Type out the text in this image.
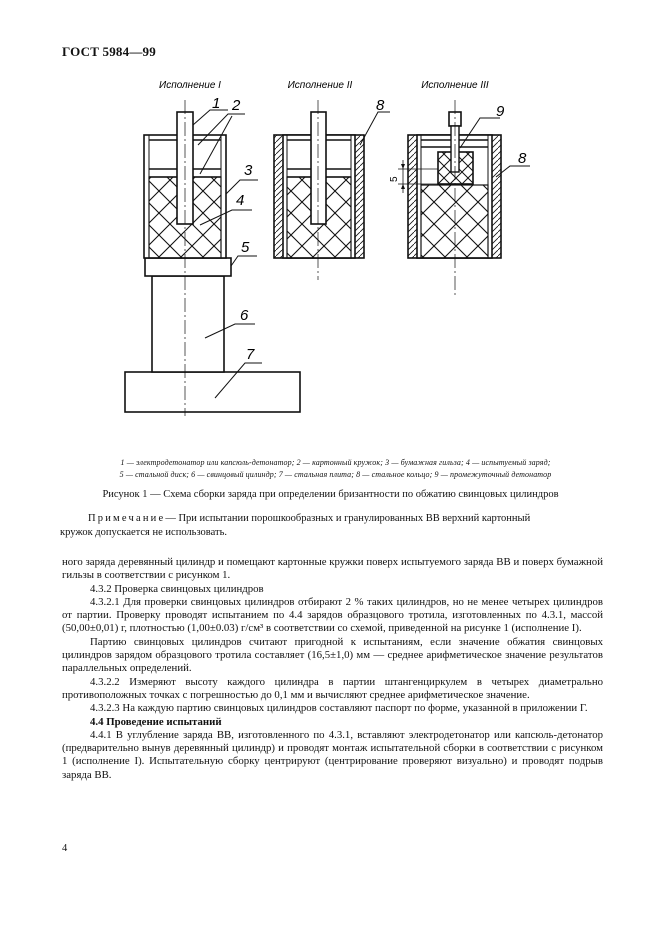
ГОСТ 5984—99
Исполнение I	Исполнение II	Исполнение III
1 2
3
4
5
6
7
8	9
8
5
1 — электродетонатор или капсюль-детонатор; 2 — картонный кружок; 3 — бумажная гильза; 4 — испытуемый заряд;
5 — стальной диск; 6 — свинцовый цилиндр; 7 — стальная плита; 8 — стальное кольцо; 9 — промежуточный детонатор
Рисунок 1 — Схема сборки заряда при определении бризантности по обжатию свинцовых цилиндров
Примечание— При испытании порошкообразных и гранулированных ВВ верхний картонный
кружок допускается не использовать.

ного заряда деревянный цилиндр и помещают картонные кружки поверх испытуемого заряда ВВ и поверх бумажной гильзы в соответствии с рисунком 1.

4.3.2 Проверка свинцовых цилиндров

4.3.2.1 Для проверки свинцовых цилиндров отбирают 2 % таких цилиндров, но не менее четырех цилиндров от партии. Проверку проводят испытанием по 4.4 зарядов образцового тротила, изготовленных по 4.3.1, массой (50,00±0,01) г, плотностью (1,00±0.03) г/см³ в соответствии со схемой, приведенной на рисунке 1 (исполнение I).

Партию свинцовых цилиндров считают пригодной к испытаниям, если значение обжатия свинцовых цилиндров зарядом образцового тротила составляет (16,5±1,0) мм — среднее арифметическое значение результатов параллельных определений.

4.3.2.2 Измеряют высоту каждого цилиндра в партии штангенциркулем в четырех диаметрально противоположных точках с погрешностью до 0,1 мм и вычисляют среднее арифметическое значение.

4.3.2.3 На каждую партию свинцовых цилиндров составляют паспорт по форме, указанной в приложении Г.

4.4 Проведение испытаний

4.4.1 В углубление заряда ВВ, изготовленного по 4.3.1, вставляют электродетонатор или капсюль-детонатор (предварительно вынув деревянный цилиндр) и проводят монтаж испытательной сборки в соответствии с рисунком 1 (исполнение I). Испытательную сборку центрируют (центрирование проверяют визуально) и проводят подрыв заряда ВВ.

4
